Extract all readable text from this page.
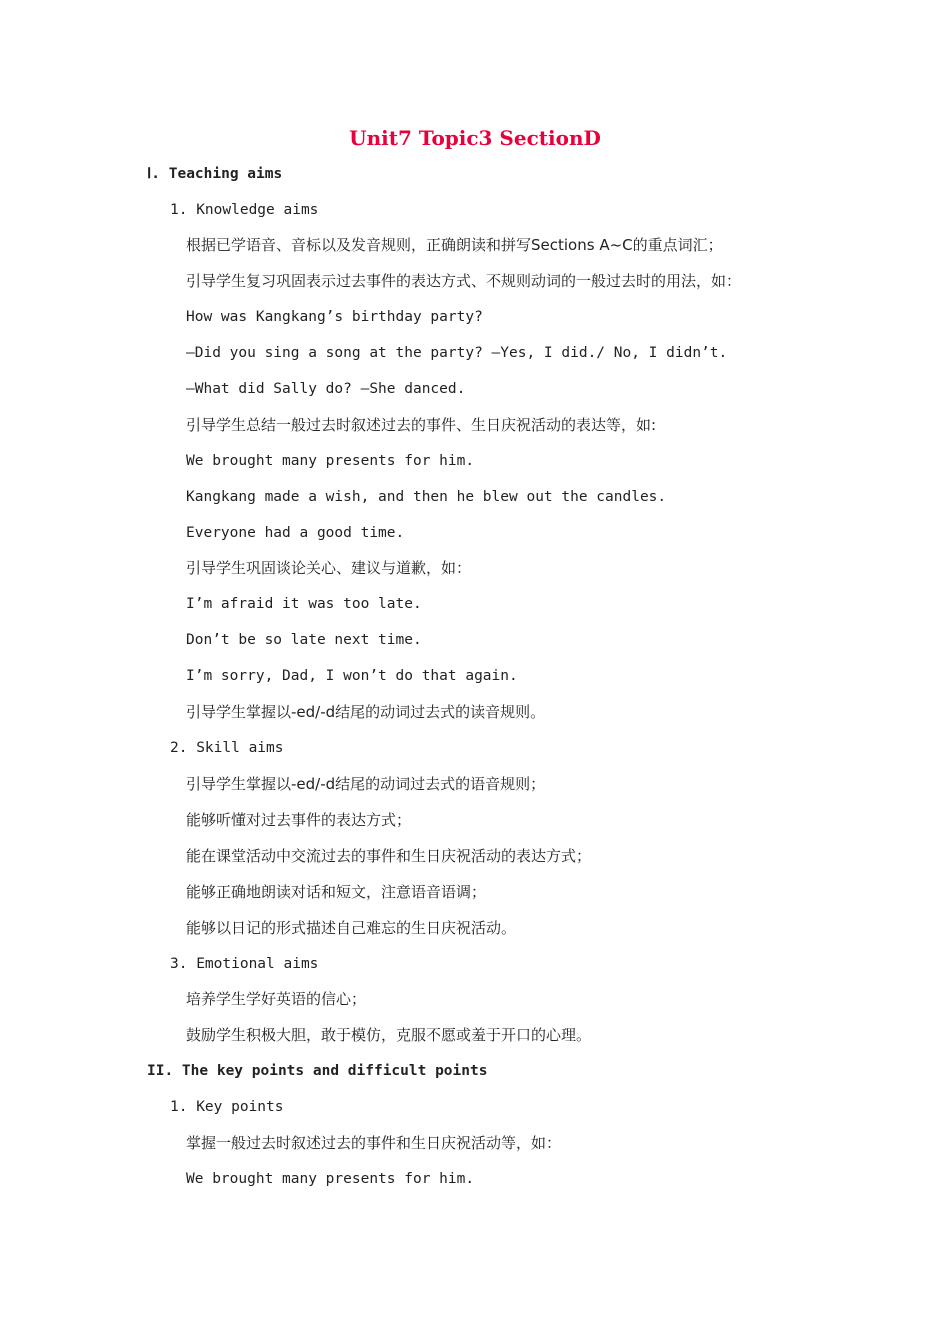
Unit7 Topic3 SectionD
Ⅰ. Teaching aims
1. Knowledge aims
根据已学语音、音标以及发音规则，正确朗读和拼写Sections A~C的重点词汇；
引导学生复习巩固表示过去事件的表达方式、不规则动词的一般过去时的用法，如：
How was Kangkang’s birthday party?
—Did you sing a song at the party? —Yes, I did./ No, I didn’t.
—What did Sally do? —She danced.
引导学生总结一般过去时叙述过去的事件、生日庆祝活动的表达等，如:
We brought many presents for him.
Kangkang made a wish, and then he blew out the candles.
Everyone had a good time.
引导学生巩固谈论关心、建议与道歉，如：
I’m afraid it was too late.
Don’t be so late next time.
I’m sorry, Dad, I won’t do that again.
引导学生掌握以-ed/-d结尾的动词过去式的读音规则。
2. Skill aims
引导学生掌握以-ed/-d结尾的动词过去式的语音规则；
能够听懂对过去事件的表达方式；
能在课堂活动中交流过去的事件和生日庆祝活动的表达方式；
能够正确地朗读对话和短文，注意语音语调；
能够以日记的形式描述自己难忘的生日庆祝活动。
3. Emotional aims
培养学生学好英语的信心；
鼓励学生积极大胆，敢于模仿，克服不愿或羞于开口的心理。
II. The key points and difficult points
1. Key points
掌握一般过去时叙述过去的事件和生日庆祝活动等，如：
We brought many presents for him.
